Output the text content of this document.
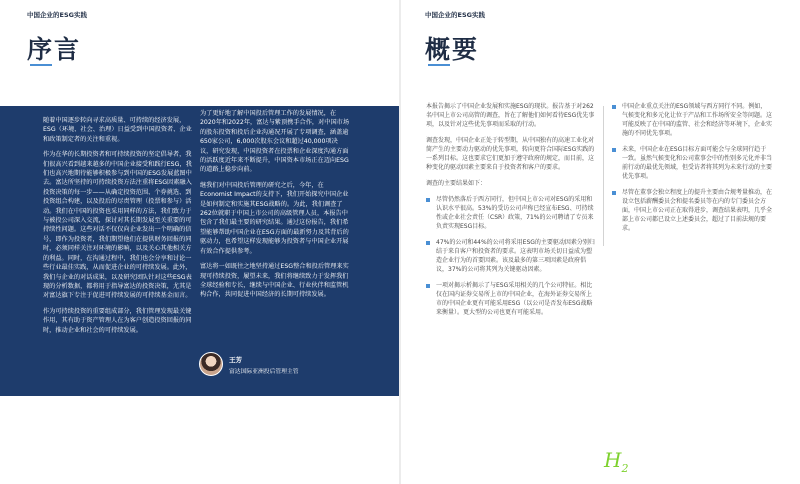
中国企业的ESG实践
序言

随着中国逐步转向寻求高质量、可持续的经济发展，ESG（环境、社会、治理）日益受到中国投资者、企业和政策制定者的关注和重视。

作为在华的长期投资者和可持续投资的坚定倡导者，我们很高兴看到越来越多的中国企业接受和践行ESG，我们也高兴地期待能够积极参与到中国的ESG发展蓝图中去。富达所坚持的可持续投资方法注重将ESG因素融入投资决策的每一步——从确定投资范围、个券挑选、到投资组合构建，以及投后的尽责管理（投票和参与）活动。我们在中国的投资也采用同样的方法，我们致力于与被投公司深入交流，探讨对其长期发展至关重要的可持续性问题。这些对话不仅仅向企业发出一个明确的信号，即作为投资者，我们期望他们在提供财务回报的同时，必须同样关注对环境的影响，以及关心其他相关方的利益。同时，在沟通过程中，我们也会分享和讨论一些行业最佳实践，从而促进企业的可持续发展。此外，我们与企业的对话成果，以及研究团队针对这些ESG表现的分析数据，都将用于指导富达的投资决策，尤其是对富达旗下专注于促进可持续发展的可持续基金而言。

作为可持续投资的重要组成部分，我们管理发现最关键作用，其有助于资产管理人在为客户创造投资回报的同时，推动企业和社会的可持续发展。

为了更好地了解中国投后管理工作的发展情况，在2020年和2022年，富达与紫顶携手合作，对中国市场的股东投资和投后企业沟通况开展了专项调查，涵盖逾650家公司，6,000次股东会议和超过40,000项决议，研究发现，中国投资者在投票和企业深度沟通方面的活跃度近年来不断提升，中国资本市场正在迈向ESG的道路上稳步向前。

继我们对中国投后管理的研究之后，今年，在Economist Impact的支持下，我们开始探究中国企业是如何制定和实施其ESG战略的。为此，我们调查了262位就职于中国上市公司的高级管理人员，本报告中包含了我们最主要的研究结果。通过这份报告，我们希望能够帮助中国企业在ESG方面的最新努力及其背后的驱动力，也希望这样发现能够为投资者与中国企业开展有效合作提供参考。

富达将一如既往之地坚持通过ESG整合和投后管理来实现可持续投资，履望未来，我们将继续致力于发挥我们全球经验和专长，继续与中国企业、行业伙伴和监管机构合作，共同促进中国经济的长期可持续发展。

王芳
富达国际亚洲投后管理主管
中国企业的ESG实践
概要

本报告揭示了中国企业发展和实施ESG的现状。报告基于对262名中国上市公司高管的调查，旨在了解他们如何看待ESG优先事项，以及针对这些优先事项而采取的行动。

调查发现，中国企业正处于转型期，从中国独有的高速工业化对简产生的主要动力驱动的优先事项，转向更符合国际ESG实践的一系列目标。这也要求它们更加于遵守政府的规定，而目前，这种变化的驱动因素主要来自于投资者和客户的要求。

调查的主要结果如下：

尽管仍然落后于西方同行，但中国上市公司对ESG的采用和认识水平很高。53%的受访公司声称已经宣布ESG、可持续性或企业社会责任（CSR）政策，71%的公司聘请了专员来负责实现ESG目标。

47%的公司和44%的公司将采用ESG的主要驱动因素分别归结于来自客户和投资者的要求。这表明市场关切日益成为塑造企业行为的首要因素。该及最多的第三项因素是政府倡议，37%的公司将其列为关键驱动因素。

一项对揭示析揭示了与ESG采用相关的几个公司特征。相比仅在国内证券交易所上市的中国企业，在海外证券交易所上市的中国企业更有可能采用ESG（以公司是否发布ESG战略来衡量）。更大型的公司也更有可能采用。

中国企业重点关注的ESG领域与西方同行不同。例如，气候变化和多元化让位于产品和工作场所安全等问题。这可能反映了在中国的监管、社会和经济等环境下，企业实施的不同优先事项。

未来，中国企业在ESG目标方面可能会与全球同行趋于一致。虽然气候变化和公司董事会中的性别多元化并非当前行动的最优先领域，但受访者将其列为未来行动的主要优先事项。

尽管在董事会独立程度上的提升主要由合规考量推动，在设立包括薪酬委员会和提名委员等在内的专门委员会方面，中国上市公司正在取得进步，调查结果表明，几乎全部上市公司都已设立上述委员会，超过了目前法规的要求。

$H_2$
